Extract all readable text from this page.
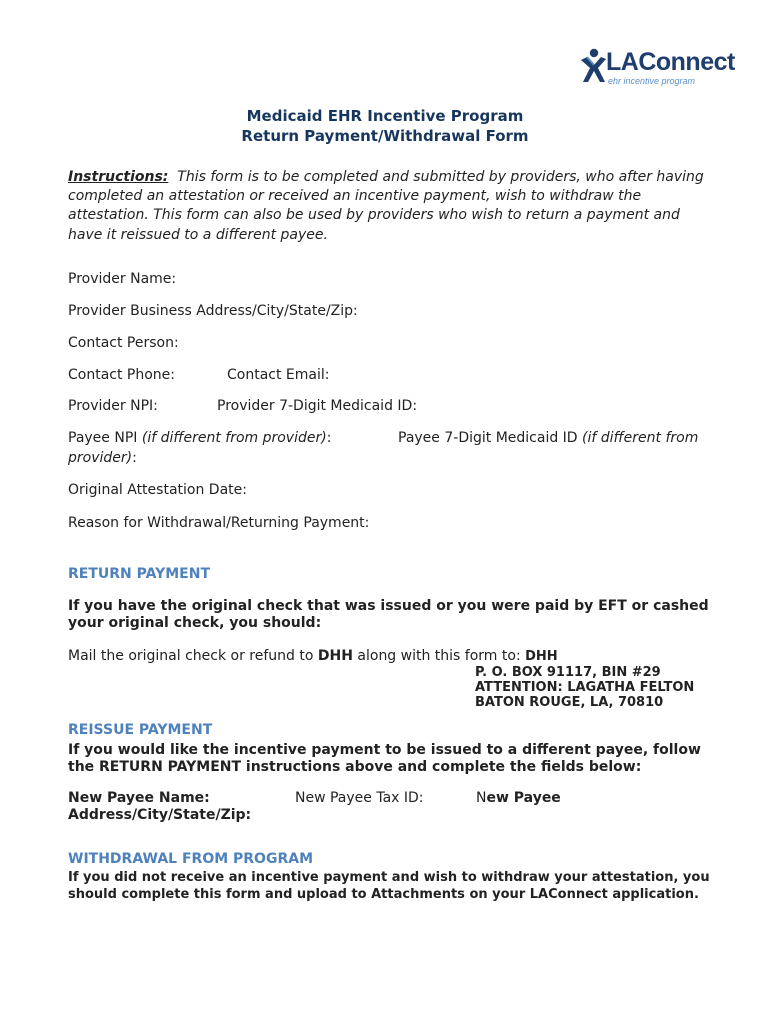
LAConnect
ehr incentive program
Medicaid EHR Incentive Program
Return Payment/Withdrawal Form
Instructions: This form is to be completed and submitted by providers, who after having completed an attestation or received an incentive payment, wish to withdraw the attestation. This form can also be used by providers who wish to return a payment and have it reissued to a different payee.
Provider Name:
Provider Business Address/City/State/Zip:
Contact Person:
Contact Phone:	Contact Email:
Provider NPI:	Provider 7-Digit Medicaid ID:
Payee NPI (if different from provider):	Payee 7-Digit Medicaid ID (if different from
provider):
Original Attestation Date:
Reason for Withdrawal/Returning Payment:
RETURN PAYMENT
If you have the original check that was issued or you were paid by EFT or cashed
your original check, you should:
Mail the original check or refund to DHH along with this form to: DHH
P. O. BOX 91117, BIN #29
ATTENTION: LAGATHA FELTON
BATON ROUGE, LA, 70810
REISSUE PAYMENT
If you would like the incentive payment to be issued to a different payee, follow
the RETURN PAYMENT instructions above and complete the fields below:
New Payee Name:	New Payee Tax ID:	New Payee
Address/City/State/Zip:
WITHDRAWAL FROM PROGRAM
If you did not receive an incentive payment and wish to withdraw your attestation, you
should complete this form and upload to Attachments on your LAConnect application.
